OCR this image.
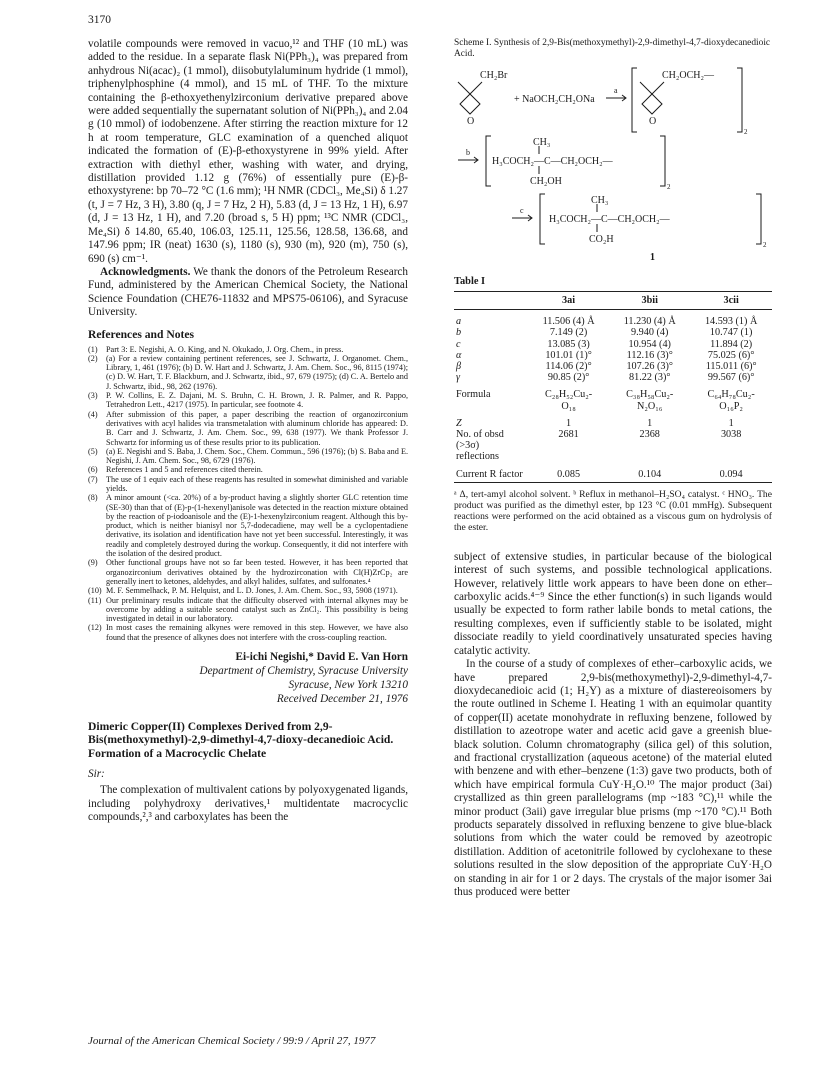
3170

volatile compounds were removed in vacuo,¹² and THF (10 mL) was added to the residue. In a separate flask Ni(PPh₃)₄ was prepared from anhydrous Ni(acac)₂ (1 mmol), diisobutylaluminum hydride (1 mmol), triphenylphosphine (4 mmol), and 15 mL of THF. To the mixture containing the β-ethoxyethenylzirconium derivative prepared above were added sequentially the supernatant solution of Ni(PPh₃)₄ and 2.04 g (10 mmol) of iodobenzene. After stirring the reaction mixture for 12 h at room temperature, GLC examination of a quenched aliquot indicated the formation of (E)-β-ethoxystyrene in 99% yield. After extraction with diethyl ether, washing with water, and drying, distillation provided 1.12 g (76%) of essentially pure (E)-β-ethoxystyrene: bp 70–72 °C (1.6 mm); ¹H NMR (CDCl₃, Me₄Si) δ 1.27 (t, J = 7 Hz, 3 H), 3.80 (q, J = 7 Hz, 2 H), 5.83 (d, J = 13 Hz, 1 H), 6.97 (d, J = 13 Hz, 1 H), and 7.20 (broad s, 5 H) ppm; ¹³C NMR (CDCl₃, Me₄Si) δ 14.80, 65.40, 106.03, 125.11, 125.56, 128.58, 136.68, and 147.96 ppm; IR (neat) 1630 (s), 1180 (s), 930 (m), 920 (m), 750 (s), 690 (s) cm⁻¹.

Acknowledgments. We thank the donors of the Petroleum Research Fund, administered by the American Chemical Society, the National Science Foundation (CHE76-11832 and MPS75-06106), and Syracuse University.

References and Notes
(1)	Part 3: E. Negishi, A. O. King, and N. Okukado, J. Org. Chem., in press.
(2)	(a) For a review containing pertinent references, see J. Schwartz, J. Organomet. Chem., Library, 1, 461 (1976); (b) D. W. Hart and J. Schwartz, J. Am. Chem. Soc., 96, 8115 (1974); (c) D. W. Hart, T. F. Blackburn, and J. Schwartz, ibid., 97, 679 (1975); (d) C. A. Bertelo and J. Schwartz, ibid., 98, 262 (1976).
(3)	P. W. Collins, E. Z. Dajani, M. S. Bruhn, C. H. Brown, J. R. Palmer, and R. Pappo, Tetrahedron Lett., 4217 (1975). In particular, see footnote 4.
(4)	After submission of this paper, a paper describing the reaction of organozirconium derivatives with acyl halides via transmetalation with aluminum chloride has appeared: D. B. Carr and J. Schwartz, J. Am. Chem. Soc., 99, 638 (1977). We thank Professor J. Schwartz for informing us of these results prior to its publication.
(5)	(a) E. Negishi and S. Baba, J. Chem. Soc., Chem. Commun., 596 (1976); (b) S. Baba and E. Negishi, J. Am. Chem. Soc., 98, 6729 (1976).
(6)	References 1 and 5 and references cited therein.
(7)	The use of 1 equiv each of these reagents has resulted in somewhat diminished and variable yields.
(8)	A minor amount (<ca. 20%) of a by-product having a slightly shorter GLC retention time (SE-30) than that of (E)-p-(1-hexenyl)anisole was detected in the reaction mixture obtained by the reaction of p-iodoanisole and the (E)-1-hexenylzirconium reagent. Although this by-product, which is neither bianisyl nor 5,7-dodecadiene, may well be a cyclopentadiene derivative, its isolation and identification have not yet been successful. Interestingly, it was readily and completely destroyed during the workup. Consequently, it did not interfere with the isolation of the desired product.
(9)	Other functional groups have not so far been tested. However, it has been reported that organozirconium derivatives obtained by the hydrozirconation with Cl(H)ZrCp₂ are generally inert to ketones, aldehydes, and alkyl halides, sulfates, and sulfonates.⁴
(10) M. F. Semmelhack, P. M. Helquist, and L. D. Jones, J. Am. Chem. Soc., 93, 5908 (1971).
(11) Our preliminary results indicate that the difficulty observed with internal alkynes may be overcome by adding a suitable second catalyst such as ZnCl₂. This possibility is being investigated in detail in our laboratory.
(12) In most cases the remaining alkynes were removed in this step. However, we have also found that the presence of alkynes does not interfere with the cross-coupling reaction.
Ei-ichi Negishi,* David E. Van Horn
Department of Chemistry, Syracuse University
Syracuse, New York 13210
Received December 21, 1976
Dimeric Copper(II) Complexes Derived from 2,9-Bis(methoxymethyl)-2,9-dimethyl-4,7-dioxy-decanedioic Acid. Formation of a Macrocyclic Chelate
Sir:

The complexation of multivalent cations by polyoxygenated ligands, including polyhydroxy derivatives,¹ multidentate macrocyclic compounds,²,³ and carboxylates has been the

Scheme I. Synthesis of 2,9-Bis(methoxymethyl)-2,9-dimethyl-4,7-dioxydecanedioic Acid.

CH₂Br
O
+ NaOCH₂CH₂ONa
a
CH₂OCH₂—
O
2
b
CH₃
H₃COCH₂—C—CH₂OCH₂—
CH₂OH	2
c
CH₃
H₃COCH₂—C—CH₂OCH₂—
CO₂H	2
1
Table I
	3ai	3bii	3cii
a	11.506 (4) Å	11.230 (4) Å	14.593 (1) Å
b	7.149 (2)	9.940 (4)	10.747 (1)
c	13.085 (3)	10.954 (4)	11.894 (2)
α	101.01 (1)°	112.16 (3)°	75.025 (6)°
β	114.06 (2)°	107.26 (3)°	115.011 (6)°
γ	90.85 (2)°	81.22 (3)°	99.567 (6)°
Formula	C₂₈H₅₂Cu₂-	C₃₈H₅₈Cu₂-	C₆₄H₇₈Cu₂-
	O₁₈	N₂O₁₆	O₁₆P₂
Z	1	1	1
No. of obsd	2681	2368	3038
(>3σ)			
reflections			
Current R factor	0.085	0.104	0.094

ᵃ Δ, tert-amyl alcohol solvent. ᵇ Reflux in methanol–H₂SO₄ catalyst. ᶜ HNO₃. The product was purified as the dimethyl ester, bp 123 °C (0.01 mmHg). Subsequent reactions were performed on the acid obtained as a viscous gum on hydrolysis of the ester.

subject of extensive studies, in particular because of the biological interest of such systems, and possible technological applications. However, relatively little work appears to have been done on ether–carboxylic acids.⁴⁻⁹ Since the ether function(s) in such ligands would usually be expected to form rather labile bonds to metal cations, the resulting complexes, even if sufficiently stable to be isolated, might dissociate readily to yield coordinatively unsaturated species having catalytic activity.

In the course of a study of complexes of ether–carboxylic acids, we have prepared 2,9-bis(methoxymethyl)-2,9-dimethyl-4,7-dioxydecanedioic acid (1; H₂Y) as a mixture of diastereoisomers by the route outlined in Scheme I. Heating 1 with an equimolar quantity of copper(II) acetate monohydrate in refluxing benzene, followed by distillation to azeotrope water and acetic acid gave a greenish blue-black solution. Column chromatography (silica gel) of this solution, and fractional crystallization (aqueous acetone) of the material eluted with benzene and with ether–benzene (1:3) gave two products, both of which have empirical formula CuY·H₂O.¹⁰ The major product (3ai) crystallized as thin green parallelograms (mp ~183 °C),¹¹ while the minor product (3aii) gave irregular blue prisms (mp ~170 °C).¹¹ Both products separately dissolved in refluxing benzene to give blue-black solutions from which the water could be removed by azeotropic distillation. Addition of acetonitrile followed by cyclohexane to these solutions resulted in the slow deposition of the appropriate CuY·H₂O on standing in air for 1 or 2 days. The crystals of the major isomer 3ai thus produced were better

Journal of the American Chemical Society / 99:9 / April 27, 1977
